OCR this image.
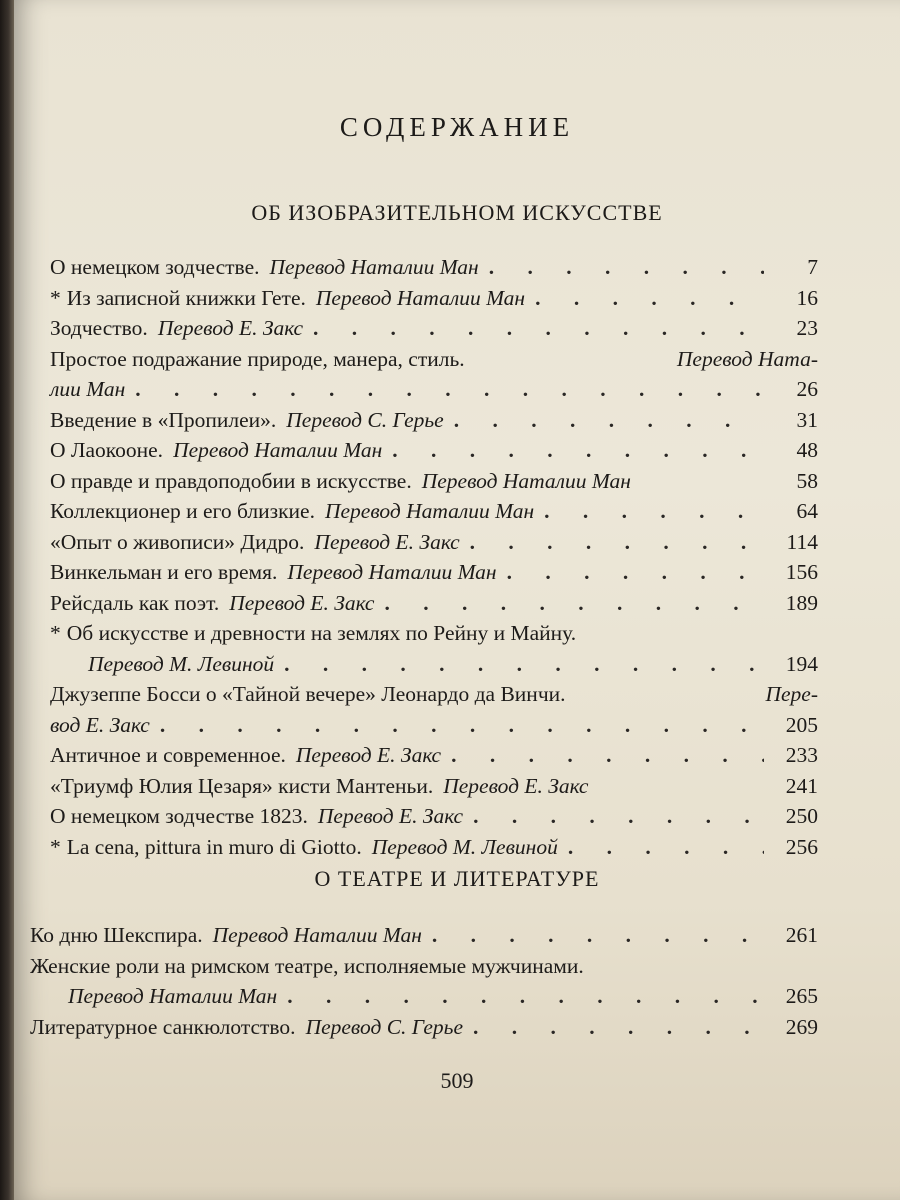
СОДЕРЖАНИЕ
ОБ ИЗОБРАЗИТЕЛЬНОМ ИСКУССТВЕ
О немецком зодчестве. Перевод Наталии Ман . . .	7
* Из записной книжки Гете. Перевод Наталии Ман . . .	16
Зодчество. Перевод Е. Закс . . .	23
Простое подражание природе, манера, стиль.	Перевод Ната-
лии Ман . . .	26
Введение в «Пропилеи». Перевод С. Герье . . .	31
О Лаокооне. Перевод Наталии Ман . . .	48
О правде и правдоподобии в искусстве. Перевод Наталии Ман	58
Коллекционер и его близкие. Перевод Наталии Ман . . .	64
«Опыт о живописи» Дидро. Перевод Е. Закс . . .	114
Винкельман и его время. Перевод Наталии Ман . . .	156
Рейсдаль как поэт. Перевод Е. Закс . . .	189
* Об искусстве и древности на землях по Рейну и Майну.
Перевод М. Левиной . . .	194
Джузеппе Босси о «Тайной вечере» Леонардо да Винчи.	Пере-
вод Е. Закс . . .	205
Античное и современное. Перевод Е. Закс . . .	233
«Триумф Юлия Цезаря» кисти Мантеньи. Перевод Е. Закс	241
О немецком зодчестве 1823. Перевод Е. Закс . . .	250
* La cena, pittura in muro di Giotto. Перевод М. Левиной . . .	256
О ТЕАТРЕ И ЛИТЕРАТУРЕ
Ко дню Шекспира. Перевод Наталии Ман . . .	261
Женские роли на римском театре, исполняемые мужчинами.
Перевод Наталии Ман . . .	265
Литературное санкюлотство. Перевод С. Герье . . .	269
509
